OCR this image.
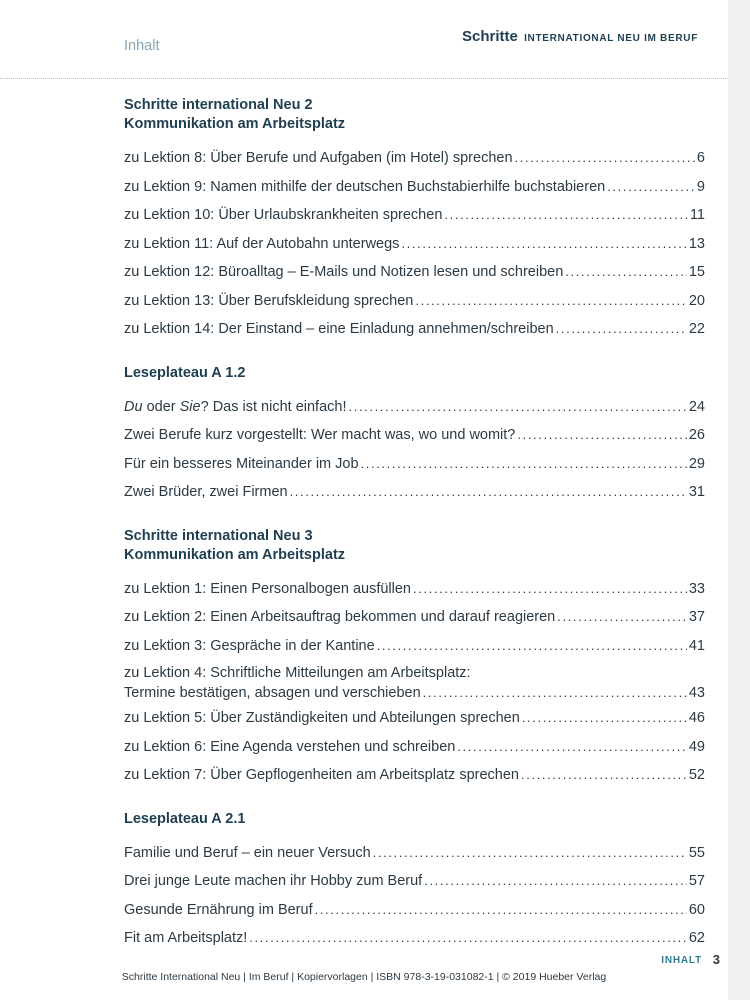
Inhalt
Schritte INTERNATIONAL NEU IM BERUF
Schritte international Neu 2
Kommunikation am Arbeitsplatz
zu Lektion 8: Über Berufe und Aufgaben (im Hotel) sprechen . . .	6
zu Lektion 9: Namen mithilfe der deutschen Buchstabierhilfe buchstabieren . . .	9
zu Lektion 10: Über Urlaubskrankheiten sprechen . . .	11
zu Lektion 11: Auf der Autobahn unterwegs . . .	13
zu Lektion 12: Büroalltag – E-Mails und Notizen lesen und schreiben . . .	15
zu Lektion 13: Über Berufskleidung sprechen . . .	20
zu Lektion 14: Der Einstand – eine Einladung annehmen/schreiben . . .	22
Leseplateau A 1.2
Du oder Sie? Das ist nicht einfach! . . .	24
Zwei Berufe kurz vorgestellt: Wer macht was, wo und womit? . . .	26
Für ein besseres Miteinander im Job . . .	29
Zwei Brüder, zwei Firmen . . .	31
Schritte international Neu 3
Kommunikation am Arbeitsplatz
zu Lektion 1: Einen Personalbogen ausfüllen . . .	33
zu Lektion 2: Einen Arbeitsauftrag bekommen und darauf reagieren . . .	37
zu Lektion 3: Gespräche in der Kantine . . .	41
zu Lektion 4: Schriftliche Mitteilungen am Arbeitsplatz:
Termine bestätigen, absagen und verschieben . . .	43
zu Lektion 5: Über Zuständigkeiten und Abteilungen sprechen . . .	46
zu Lektion 6: Eine Agenda verstehen und schreiben . . .	49
zu Lektion 7: Über Gepflogenheiten am Arbeitsplatz sprechen . . .	52
Leseplateau A 2.1
Familie und Beruf – ein neuer Versuch . . .	55
Drei junge Leute machen ihr Hobby zum Beruf . . .	57
Gesunde Ernährung im Beruf . . .	60
Fit am Arbeitsplatz! . . .	62
INHALT 3
Schritte International Neu | Im Beruf | Kopiervorlagen | ISBN 978-3-19-031082-1 | © 2019 Hueber Verlag
